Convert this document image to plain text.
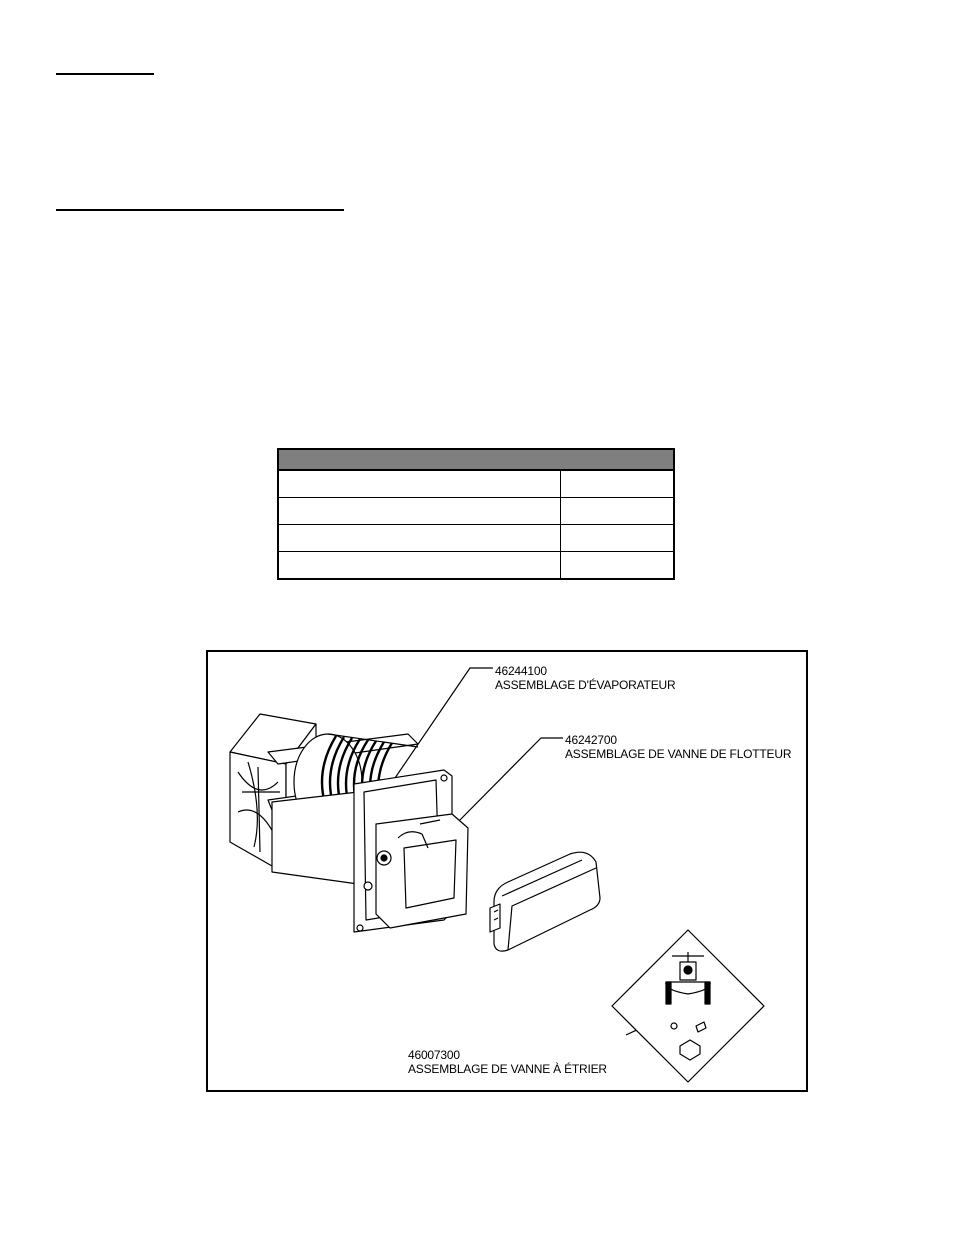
46244100
ASSEMBLAGE D'ÉVAPORATEUR
46242700
ASSEMBLAGE DE VANNE DE FLOTTEUR
46007300
ASSEMBLAGE DE VANNE À ÉTRIER
